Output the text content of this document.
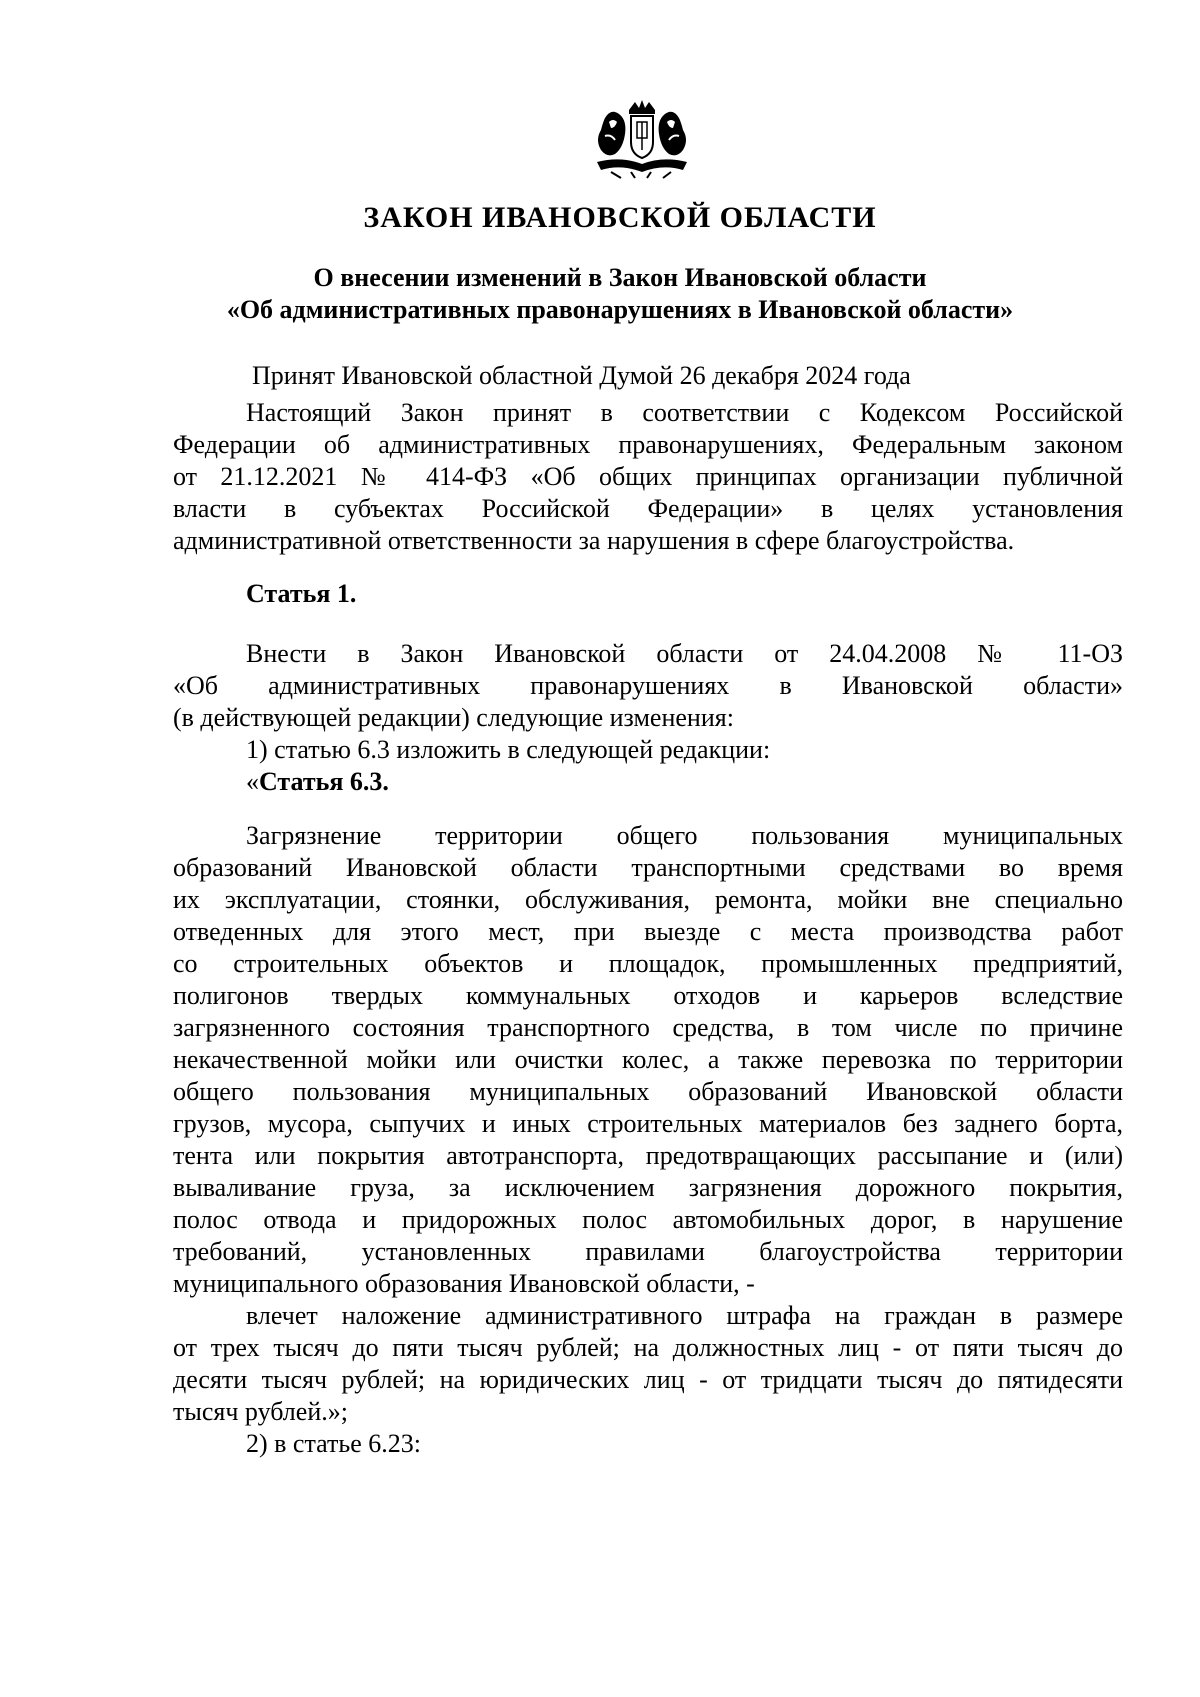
ЗАКОН ИВАНОВСКОЙ ОБЛАСТИ
О внесении изменений в Закон Ивановской области
«Об административных правонарушениях в Ивановской области»
Принят Ивановской областной Думой 26 декабря 2024 года
Настоящий Закон принят в соответствии с Кодексом Российской
Федерации об административных правонарушениях, Федеральным законом
от 21.12.2021 № 414-ФЗ «Об общих принципах организации публичной
власти в субъектах Российской Федерации» в целях установления
административной ответственности за нарушения в сфере благоустройства.
Статья 1.
Внести в Закон Ивановской области от 24.04.2008 № 11-ОЗ
«Об административных правонарушениях в Ивановской области»
(в действующей редакции) следующие изменения:
1) статью 6.3 изложить в следующей редакции:
«Статья 6.3.
Загрязнение территории общего пользования муниципальных
образований Ивановской области транспортными средствами во время
их эксплуатации, стоянки, обслуживания, ремонта, мойки вне специально
отведенных для этого мест, при выезде с места производства работ
со строительных объектов и площадок, промышленных предприятий,
полигонов твердых коммунальных отходов и карьеров вследствие
загрязненного состояния транспортного средства, в том числе по причине
некачественной мойки или очистки колес, а также перевозка по территории
общего пользования муниципальных образований Ивановской области
грузов, мусора, сыпучих и иных строительных материалов без заднего борта,
тента или покрытия автотранспорта, предотвращающих рассыпание и (или)
вываливание груза, за исключением загрязнения дорожного покрытия,
полос отвода и придорожных полос автомобильных дорог, в нарушение
требований, установленных правилами благоустройства территории
муниципального образования Ивановской области, -
влечет наложение административного штрафа на граждан в размере
от трех тысяч до пяти тысяч рублей; на должностных лиц - от пяти тысяч до
десяти тысяч рублей; на юридических лиц - от тридцати тысяч до пятидесяти
тысяч рублей.»;
2) в статье 6.23:
